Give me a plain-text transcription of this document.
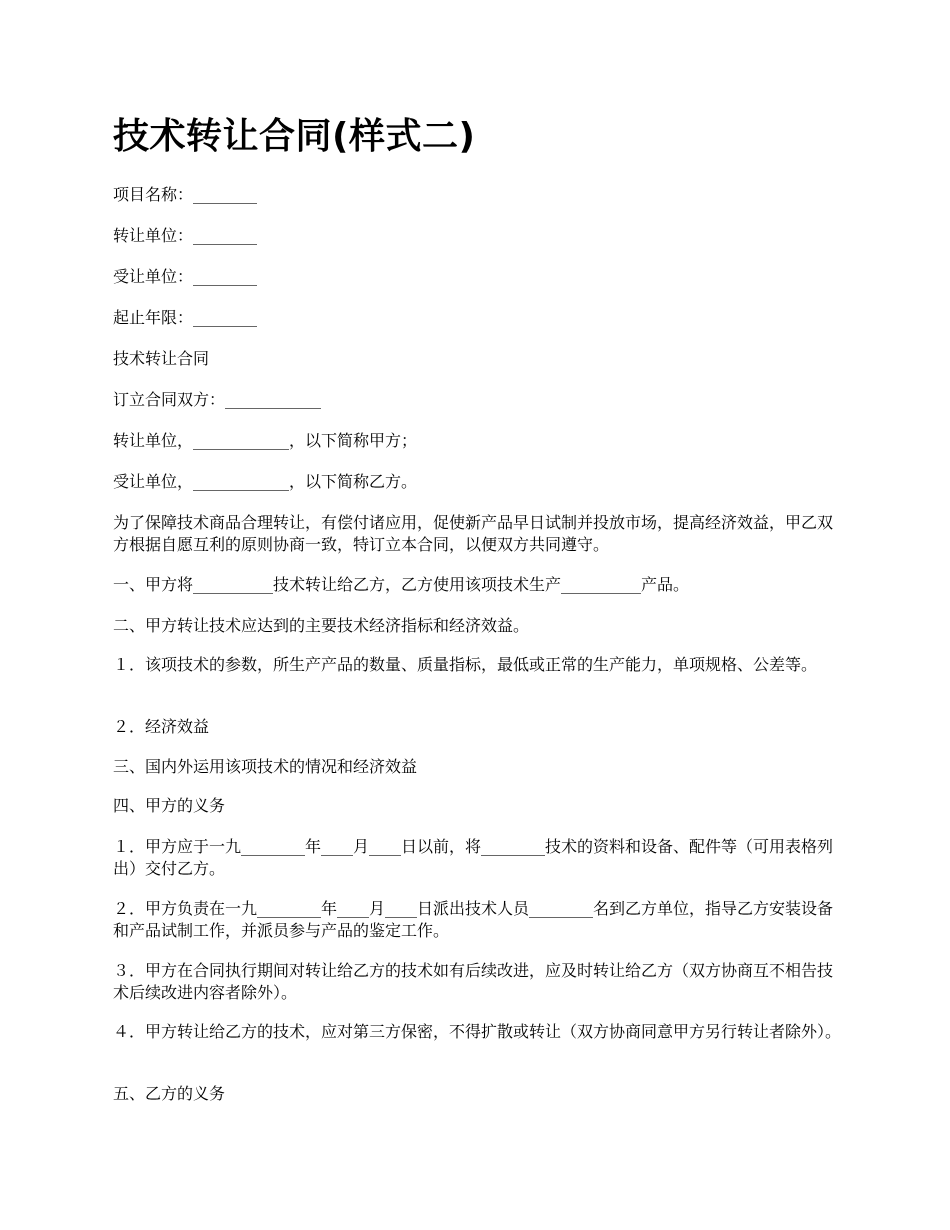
技术转让合同(样式二)

项目名称：________

转让单位：________

受让单位：________

起止年限：________

技术转让合同

订立合同双方：____________

转让单位，____________，以下简称甲方；

受让单位，____________，以下简称乙方。

为了保障技术商品合理转让，有偿付诸应用，促使新产品早日试制并投放市场，提高经济效益，甲乙双方根据自愿互利的原则协商一致，特订立本合同，以便双方共同遵守。

一、甲方将__________技术转让给乙方，乙方使用该项技术生产__________产品。

二、甲方转让技术应达到的主要技术经济指标和经济效益。

１．该项技术的参数，所生产产品的数量、质量指标，最低或正常的生产能力，单项规格、公差等。

２．经济效益

三、国内外运用该项技术的情况和经济效益

四、甲方的义务

１．甲方应于一九________年____月____日以前，将________技术的资料和设备、配件等（可用表格列出）交付乙方。

２．甲方负责在一九________年____月____日派出技术人员________名到乙方单位，指导乙方安装设备和产品试制工作，并派员参与产品的鉴定工作。

３．甲方在合同执行期间对转让给乙方的技术如有后续改进，应及时转让给乙方（双方协商互不相告技术后续改进内容者除外）。

４．甲方转让给乙方的技术，应对第三方保密，不得扩散或转让（双方协商同意甲方另行转让者除外）。

五、乙方的义务
